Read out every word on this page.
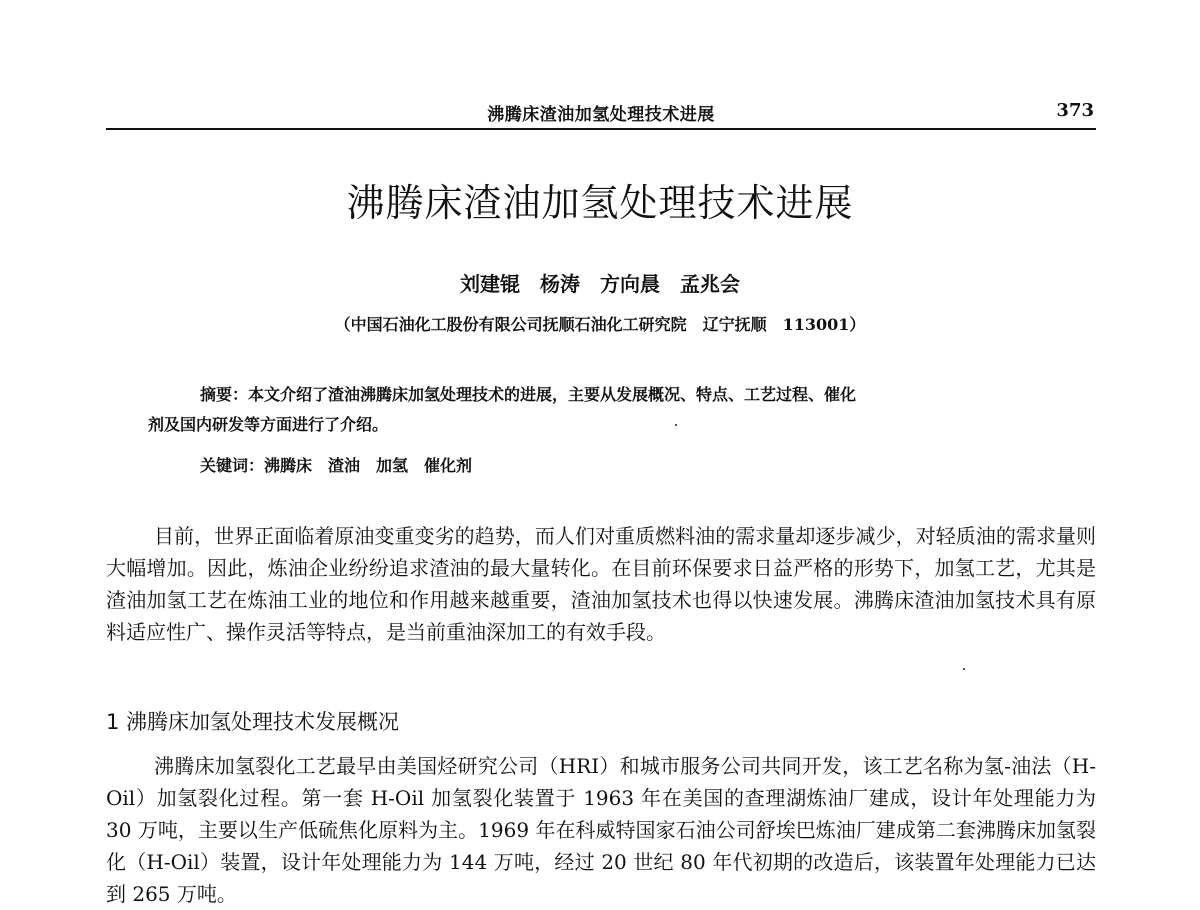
沸腾床渣油加氢处理技术进展	373
沸腾床渣油加氢处理技术进展
刘建锟　杨涛　方向晨　孟兆会
（中国石油化工股份有限公司抚顺石油化工研究院　辽宁抚顺　113001）
摘要：本文介绍了渣油沸腾床加氢处理技术的进展，主要从发展概况、特点、工艺过程、催化
剂及国内研发等方面进行了介绍。
关键词：沸腾床　渣油　加氢　催化剂

目前，世界正面临着原油变重变劣的趋势，而人们对重质燃料油的需求量却逐步减少，对轻质油的需求量则大幅增加。因此，炼油企业纷纷追求渣油的最大量转化。在目前环保要求日益严格的形势下，加氢工艺，尤其是渣油加氢工艺在炼油工业的地位和作用越来越重要，渣油加氢技术也得以快速发展。沸腾床渣油加氢技术具有原料适应性广、操作灵活等特点，是当前重油深加工的有效手段。

1 沸腾床加氢处理技术发展概况

沸腾床加氢裂化工艺最早由美国烃研究公司（HRI）和城市服务公司共同开发，该工艺名称为氢-油法（H-Oil）加氢裂化过程。第一套 H-Oil 加氢裂化装置于 1963 年在美国的查理湖炼油厂建成，设计年处理能力为 30 万吨，主要以生产低硫焦化原料为主。1969 年在科威特国家石油公司舒埃巴炼油厂建成第二套沸腾床加氢裂化（H-Oil）装置，设计年处理能力为 144 万吨，经过 20 世纪 80 年代初期的改造后，该装置年处理能力已达到 265 万吨。
